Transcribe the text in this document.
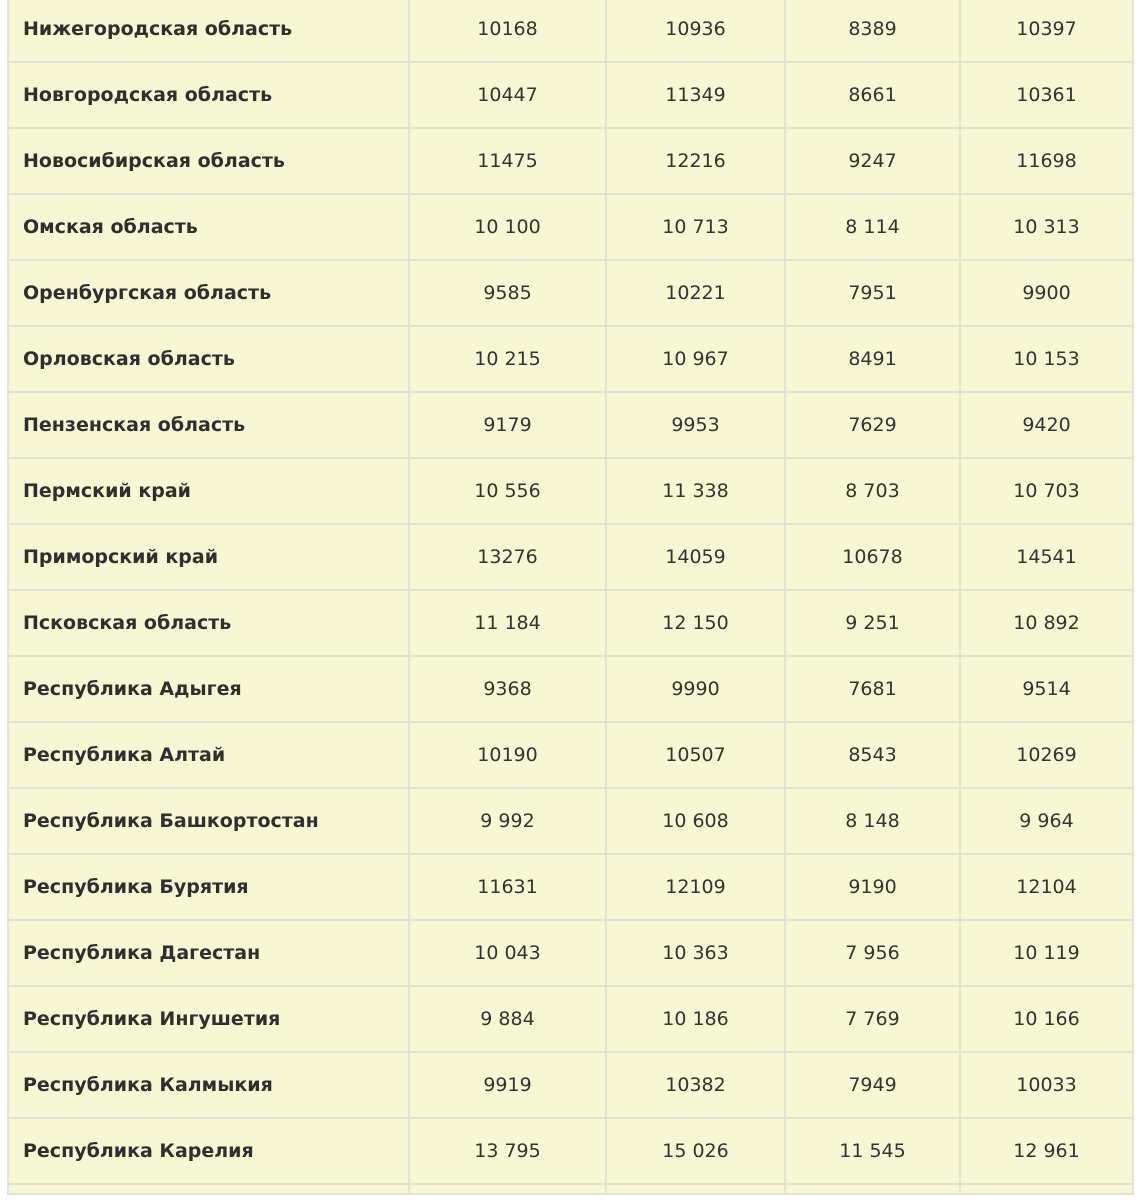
Нижегородская область	10168	10936	8389	10397
Новгородская область	10447	11349	8661	10361
Новосибирская область	11475	12216	9247	11698
Омская область	10 100	10 713	8 114	10 313
Оренбургская область	9585	10221	7951	9900
Орловская область	10 215	10 967	8491	10 153
Пензенская область	9179	9953	7629	9420
Пермский край	10 556	11 338	8 703	10 703
Приморский край	13276	14059	10678	14541
Псковская область	11 184	12 150	9 251	10 892
Республика Адыгея	9368	9990	7681	9514
Республика Алтай	10190	10507	8543	10269
Республика Башкортостан	9 992	10 608	8 148	9 964
Республика Бурятия	11631	12109	9190	12104
Республика Дагестан	10 043	10 363	7 956	10 119
Республика Ингушетия	9 884	10 186	7 769	10 166
Республика Калмыкия	9919	10382	7949	10033
Республика Карелия	13 795	15 026	11 545	12 961
